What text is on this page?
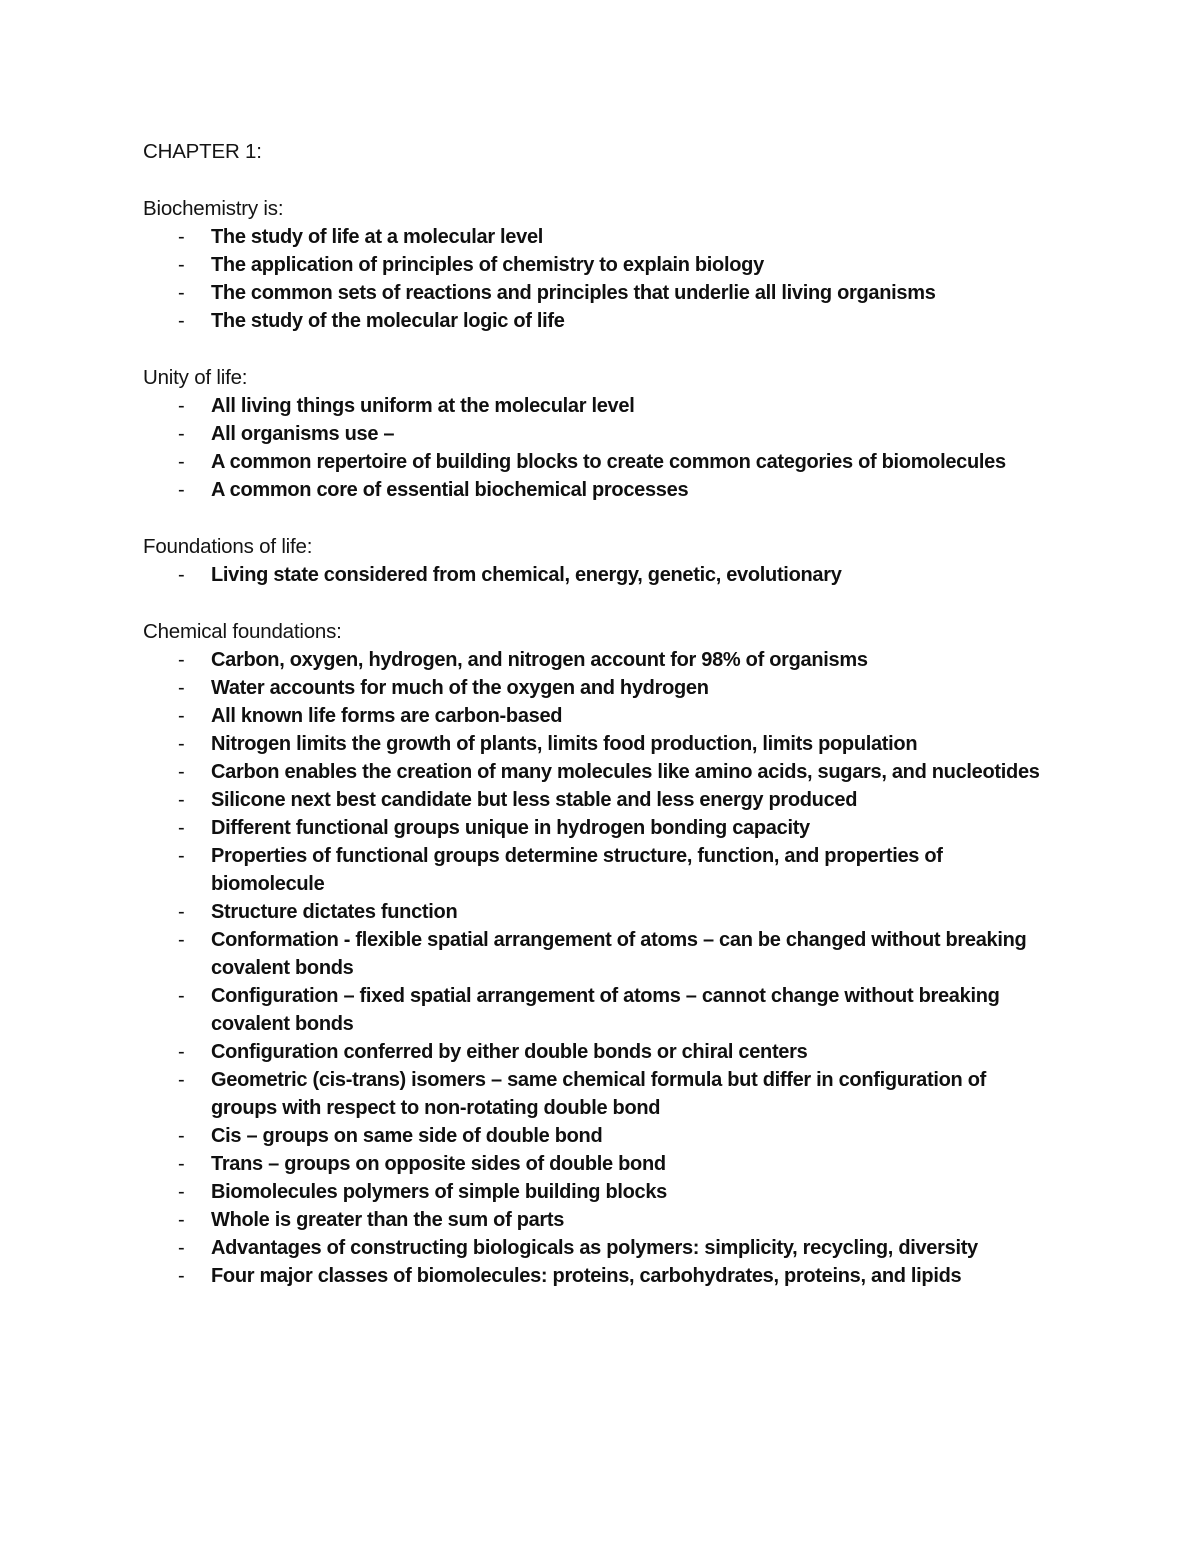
CHAPTER 1:
Biochemistry is:
-	The study of life at a molecular level
-	The application of principles of chemistry to explain biology
-	The common sets of reactions and principles that underlie all living organisms
-	The study of the molecular logic of life
Unity of life:
-	All living things uniform at the molecular level
-	All organisms use –
-	A common repertoire of building blocks to create common categories of biomolecules
-	A common core of essential biochemical processes
Foundations of life:
-	Living state considered from chemical, energy, genetic, evolutionary
Chemical foundations:
-	Carbon, oxygen, hydrogen, and nitrogen account for 98% of organisms
-	Water accounts for much of the oxygen and hydrogen
-	All known life forms are carbon-based
-	Nitrogen limits the growth of plants, limits food production, limits population
-	Carbon enables the creation of many molecules like amino acids, sugars, and nucleotides
-	Silicone next best candidate but less stable and less energy produced
-	Different functional groups unique in hydrogen bonding capacity
-	Properties of functional groups determine structure, function, and properties of biomolecule
-	Structure dictates function
-	Conformation - flexible spatial arrangement of atoms – can be changed without breaking covalent bonds
-	Configuration – fixed spatial arrangement of atoms – cannot change without breaking covalent bonds
-	Configuration conferred by either double bonds or chiral centers
-	Geometric (cis-trans) isomers – same chemical formula but differ in configuration of groups with respect to non-rotating double bond
-	Cis – groups on same side of double bond
-	Trans – groups on opposite sides of double bond
-	Biomolecules polymers of simple building blocks
-	Whole is greater than the sum of parts
-	Advantages of constructing biologicals as polymers: simplicity, recycling, diversity
-	Four major classes of biomolecules: proteins, carbohydrates, proteins, and lipids
